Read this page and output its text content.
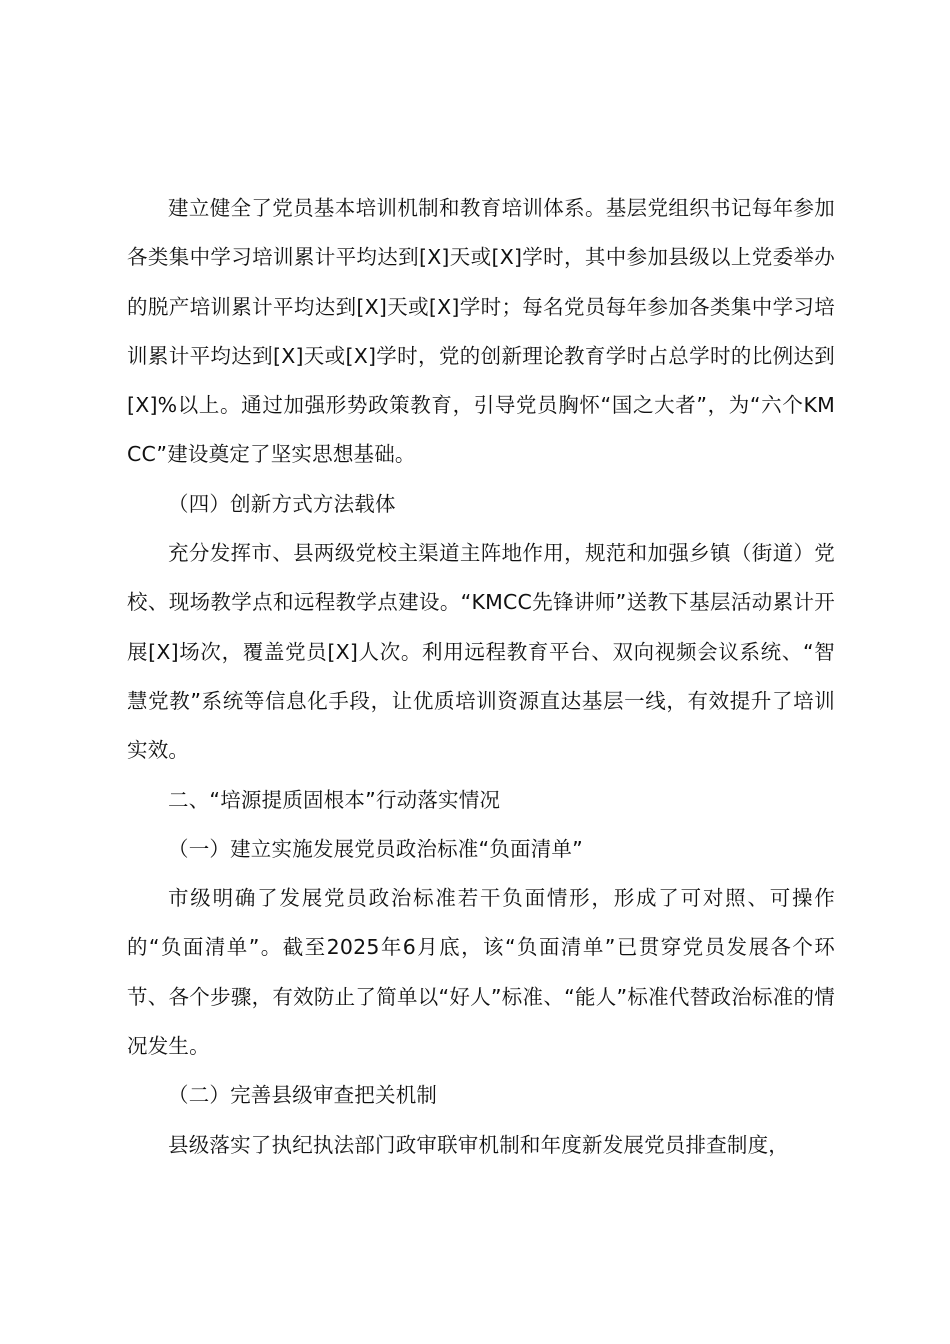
建立健全了党员基本培训机制和教育培训体系。基层党组织书记每年参加各类集中学习培训累计平均达到[X]天或[X]学时，其中参加县级以上党委举办的脱产培训累计平均达到[X]天或[X]学时；每名党员每年参加各类集中学习培训累计平均达到[X]天或[X]学时，党的创新理论教育学时占总学时的比例达到[X]%以上。通过加强形势政策教育，引导党员胸怀“国之大者”，为“六个KMCC”建设奠定了坚实思想基础。

（四）创新方式方法载体

充分发挥市、县两级党校主渠道主阵地作用，规范和加强乡镇（街道）党校、现场教学点和远程教学点建设。“KMCC先锋讲师”送教下基层活动累计开展[X]场次，覆盖党员[X]人次。利用远程教育平台、双向视频会议系统、“智慧党教”系统等信息化手段，让优质培训资源直达基层一线，有效提升了培训实效。

二、“培源提质固根本”行动落实情况

（一）建立实施发展党员政治标准“负面清单”

市级明确了发展党员政治标准若干负面情形，形成了可对照、可操作的“负面清单”。截至2025年6月底，该“负面清单”已贯穿党员发展各个环节、各个步骤，有效防止了简单以“好人”标准、“能人”标准代替政治标准的情况发生。

（二）完善县级审查把关机制

县级落实了执纪执法部门政审联审机制和年度新发展党员排查制度，
